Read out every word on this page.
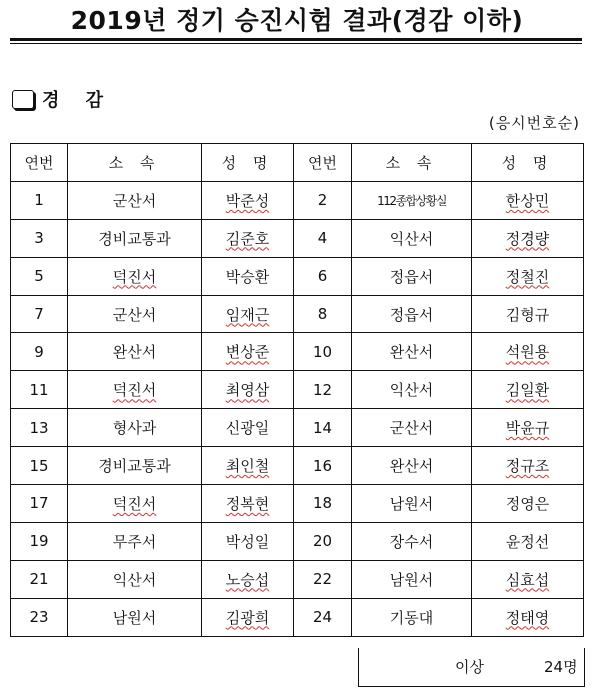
2019년 정기 승진시험 결과(경감 이하)
경 감
(응시번호순)
연번	소 속	성 명	연번	소 속	성 명
1	군산서	박준성	2	112종합상황실	한상민
3	경비교통과	김준호	4	익산서	정경량
5	덕진서	박승환	6	정읍서	정철진
7	군산서	임재근	8	정읍서	김형규
9	완산서	변상준	10	완산서	석원용
11	덕진서	최영삼	12	익산서	김일환
13	형사과	신광일	14	군산서	박윤규
15	경비교통과	최인철	16	완산서	정규조
17	덕진서	정복현	18	남원서	정영은
19	무주서	박성일	20	장수서	윤정선
21	익산서	노승섭	22	남원서	심효섭
23	남원서	김광희	24	기동대	정태영
이상	24명
